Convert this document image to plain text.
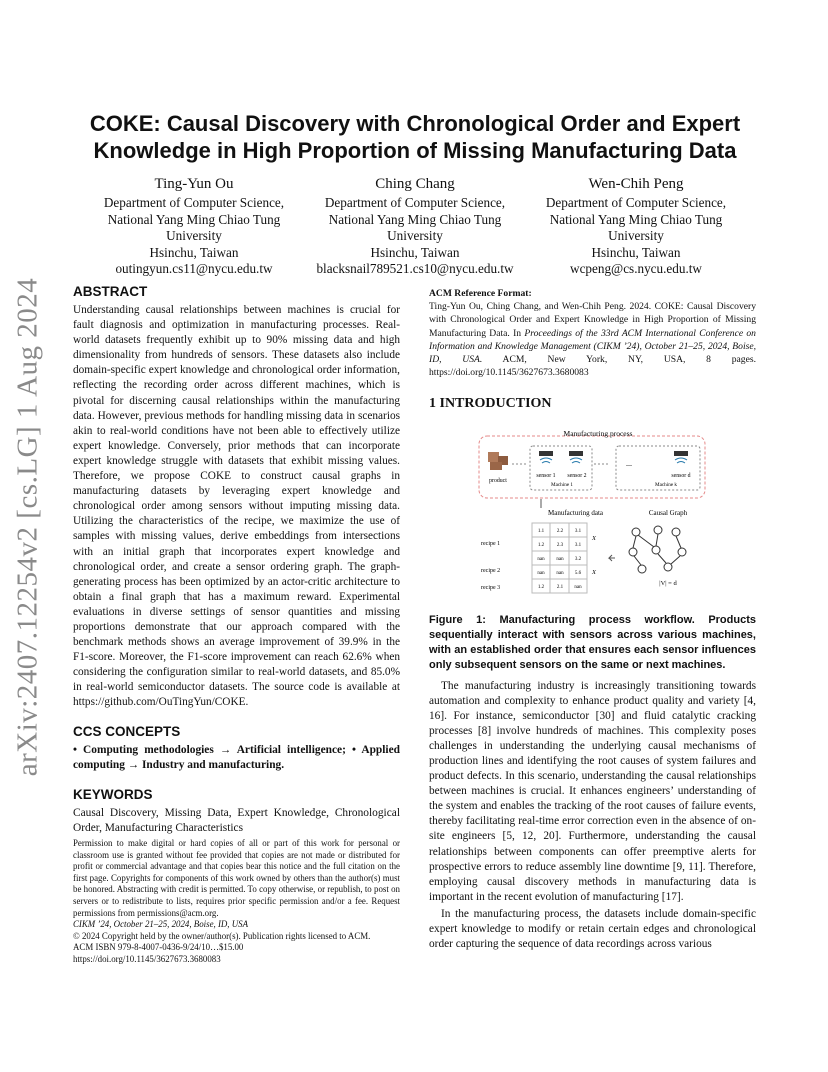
arXiv:2407.12254v2 [cs.LG] 1 Aug 2024
COKE: Causal Discovery with Chronological Order and Expert
Knowledge in High Proportion of Missing Manufacturing Data
Ting-Yun Ou
Department of Computer Science,
National Yang Ming Chiao Tung
University
Hsinchu, Taiwan
outingyun.cs11@nycu.edu.tw
Ching Chang
Department of Computer Science,
National Yang Ming Chiao Tung
University
Hsinchu, Taiwan
blacksnail789521.cs10@nycu.edu.tw
Wen-Chih Peng
Department of Computer Science,
National Yang Ming Chiao Tung
University
Hsinchu, Taiwan
wcpeng@cs.nycu.edu.tw
ABSTRACT
Understanding causal relationships between machines is crucial for fault diagnosis and optimization in manufacturing processes. Real-world datasets frequently exhibit up to 90% missing data and high dimensionality from hundreds of sensors. These datasets also include domain-specific expert knowledge and chronological order information, reflecting the recording order across different machines, which is pivotal for discerning causal relationships within the manufacturing data. However, previous methods for handling missing data in scenarios akin to real-world conditions have not been able to effectively utilize expert knowledge. Conversely, prior methods that can incorporate expert knowledge struggle with datasets that exhibit missing values. Therefore, we propose COKE to construct causal graphs in manufacturing datasets by leveraging expert knowledge and chronological order among sensors without imputing missing data. Utilizing the characteristics of the recipe, we maximize the use of samples with missing values, derive embeddings from intersections with an initial graph that incorporates expert knowledge and chronological order, and create a sensor ordering graph. The graph-generating process has been optimized by an actor-critic architecture to obtain a final graph that has a maximum reward. Experimental evaluations in diverse settings of sensor quantities and missing proportions demonstrate that our approach compared with the benchmark methods shows an average improvement of 39.9% in the F1-score. Moreover, the F1-score improvement can reach 62.6% when considering the configuration similar to real-world datasets, and 85.0% in real-world semiconductor datasets. The source code is available at https://github.com/OuTingYun/COKE.
CCS CONCEPTS
• Computing methodologies → Artificial intelligence; • Applied computing → Industry and manufacturing.
KEYWORDS
Causal Discovery, Missing Data, Expert Knowledge, Chronological Order, Manufacturing Characteristics
Permission to make digital or hard copies of all or part of this work for personal or classroom use is granted without fee provided that copies are not made or distributed for profit or commercial advantage and that copies bear this notice and the full citation on the first page. Copyrights for components of this work owned by others than the author(s) must be honored. Abstracting with credit is permitted. To copy otherwise, or republish, to post on servers or to redistribute to lists, requires prior specific permission and/or a fee. Request permissions from permissions@acm.org.
CIKM ’24, October 21–25, 2024, Boise, ID, USA
© 2024 Copyright held by the owner/author(s). Publication rights licensed to ACM.
ACM ISBN 979-8-4007-0436-9/24/10…$15.00
https://doi.org/10.1145/3627673.3680083
ACM Reference Format:
Ting-Yun Ou, Ching Chang, and Wen-Chih Peng. 2024. COKE: Causal Discovery with Chronological Order and Expert Knowledge in High Proportion of Missing Manufacturing Data. In Proceedings of the 33rd ACM International Conference on Information and Knowledge Management (CIKM ’24), October 21–25, 2024, Boise, ID, USA. ACM, New York, NY, USA, 8 pages. https://doi.org/10.1145/3627673.3680083
1 INTRODUCTION
Manufacturing process
product
sensor 1 sensor 2
Machine 1
...
sensor d
Machine k
Manufacturing data	Causal Graph
1.1	2.2 3.1
1.2	2.3 3.1
nan nan 3.2
nan nan 5.6
1.2	2.1 nan
recipe 1
recipe 2
recipe 3
X
X
|V| = d
Figure 1: Manufacturing process workflow. Products sequentially interact with sensors across various machines, with an established order that ensures each sensor influences only subsequent sensors on the same or next machines.
The manufacturing industry is increasingly transitioning towards automation and complexity to enhance product quality and variety [4, 16]. For instance, semiconductor [30] and fluid catalytic cracking processes [8] involve hundreds of machines. This complexity poses challenges in understanding the underlying causal mechanisms of production lines and identifying the root causes of system failures and product defects. In this scenario, understanding the causal relationships between machines is crucial. It enhances engineers’ understanding of the system and enables the tracking of the root causes of failure events, thereby facilitating real-time error correction even in the absence of on-site engineers [5, 12, 20]. Furthermore, understanding the causal relationships between components can offer preemptive alerts for prospective errors to reduce assembly line downtime [9, 11]. Therefore, employing causal discovery methods in manufacturing data is important in the recent evolution of manufacturing [17].
In the manufacturing process, the datasets include domain-specific expert knowledge to modify or retain certain edges and chronological order capturing the sequence of data recordings across various
